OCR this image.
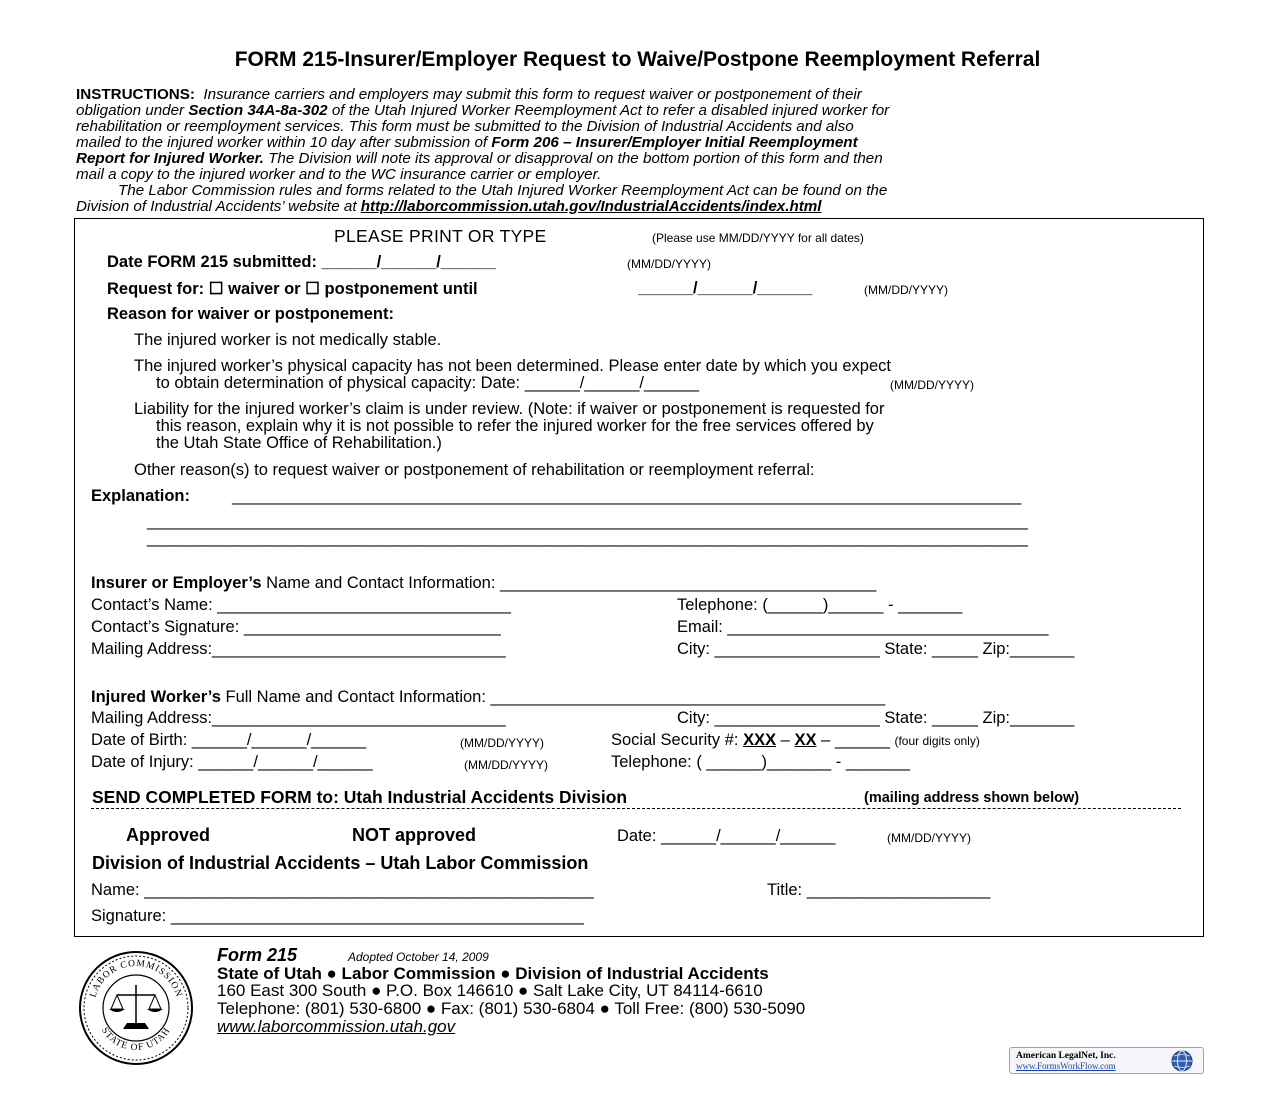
FORM 215-Insurer/Employer Request to Waive/Postpone Reemployment Referral
INSTRUCTIONS: Insurance carriers and employers may submit this form to request waiver or postponement of their
obligation under Section 34A-8a-302 of the Utah Injured Worker Reemployment Act to refer a disabled injured worker for
rehabilitation or reemployment services. This form must be submitted to the Division of Industrial Accidents and also
mailed to the injured worker within 10 day after submission of Form 206 – Insurer/Employer Initial Reemployment
Report for Injured Worker. The Division will note its approval or disapproval on the bottom portion of this form and then
mail a copy to the injured worker and to the WC insurance carrier or employer.
The Labor Commission rules and forms related to the Utah Injured Worker Reemployment Act can be found on the
Division of Industrial Accidents’ website at http://laborcommission.utah.gov/IndustrialAccidents/index.html
PLEASE PRINT OR TYPE	(Please use MM/DD/YYYY for all dates)
Date FORM 215 submitted: ______/______/______	(MM/DD/YYYY)
Request for: ☐ waiver or ☐ postponement until	______/______/______	(MM/DD/YYYY)
Reason for waiver or postponement:
The injured worker is not medically stable.
The injured worker’s physical capacity has not been determined. Please enter date by which you expect
to obtain determination of physical capacity: Date: ______/______/______	(MM/DD/YYYY)
Liability for the injured worker’s claim is under review. (Note: if waiver or postponement is requested for
this reason, explain why it is not possible to refer the injured worker for the free services offered by
the Utah State Office of Rehabilitation.)
Other reason(s) to request waiver or postponement of rehabilitation or reemployment referral:
Explanation:	______________________________________________________________________________________
________________________________________________________________________________________________
________________________________________________________________________________________________
Insurer or Employer’s Name and Contact Information: _________________________________________
Contact’s Name: ________________________________	Telephone: (______)______ - _______
Contact’s Signature: ____________________________	Email: ___________________________________
Mailing Address:________________________________	City: __________________ State: _____ Zip:_______
Injured Worker’s Full Name and Contact Information: ___________________________________________
Mailing Address:________________________________	City: __________________ State: _____ Zip:_______
Date of Birth: ______/______/______	(MM/DD/YYYY)	Social Security #: XXX – XX – ______ (four digits only)
Date of Injury: ______/______/______	(MM/DD/YYYY)	Telephone: ( ______)_______ - _______
SEND COMPLETED FORM to: Utah Industrial Accidents Division	(mailing address shown below)
Approved	NOT approved	Date: ______/______/______	(MM/DD/YYYY)
Division of Industrial Accidents – Utah Labor Commission
Name: _________________________________________________	Title: ____________________
Signature: _____________________________________________
LABOR COMMISSION
STATE OF UTAH
Form 215	Adopted October 14, 2009
State of Utah ● Labor Commission ● Division of Industrial Accidents
160 East 300 South ● P.O. Box 146610 ● Salt Lake City, UT 84114-6610
Telephone: (801) 530-6800 ● Fax: (801) 530-6804 ● Toll Free: (800) 530-5090
www.laborcommission.utah.gov
American LegalNet, Inc.
www.FormsWorkFlow.com
